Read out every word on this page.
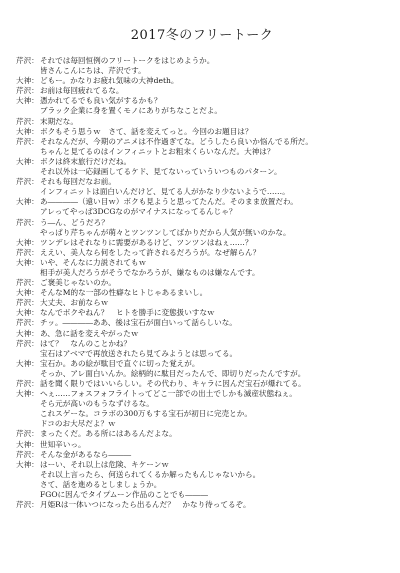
2017冬のフリートーク
芹沢： それでは毎回恒例のフリートークをはじめようか。
皆さんこんにちは、芹沢です。
大神： どもー。かなりお疲れ気味の大神deth。
芹沢： お前は毎回疲れてるな。
大神： 憑かれてるでも良い気がするかも？
ブラック企業に身を置くモノにありがちなことだよ。
芹沢： 末期だな。
大神： ボクもそう思うｗ　さて、話を変えてっと。今回のお題目は？
芹沢： それなんだが、今期のアニメは不作過ぎてな。どうしたら良いか悩んでる所だ。
ちゃんと見てるのはインフィニットとお粗末くらいなんだ。大神は？
大神： ボクは終末旅行だけだね。
それ以外は一応録画してるケド、見てないっていういつものパターン。
芹沢： それも毎回だなお前。
インフィニットは面白いんだけど、見てる人がかなり少ないようで……。
大神： あ――――（遠い目ｗ）ボクも見ようと思ってたんだ。そのまま放置だわ。
アレってやっぱ3DCGなのがマイナスになってるんじゃ？
芹沢： う―ん、どうだろ？
やっぱり芹ちゃんが萌々とツンツンしてばかりだから人気が無いのかな。
大神： ツンデレはそれなりに需要があるけど、ツンツンはねぇ……？
芹沢： ええい、美人なら何をしたって許されるだろうが。なぜ解らん？
大神： いや、そんなに力説されてもｗ
相手が美人だろうがそうでなかろうが、嫌なものは嫌なんです。
芹沢： ご褒美じゃないのか。
大神： そんなM的な一部の性癖なヒトじゃあるまいし。
芹沢： 大丈夫、お前ならｗ
大神： なんでボクやねん？　ヒトを勝手に変態扱いすなｗ
芹沢： チッ。――――ああ、後は宝石が面白いって話らしいな。
大神： あ、急に話を変えやがったｗ
芹沢： はて？　なんのことかね？
宝石はアベマで再放送されたら見てみようとは思ってる。
大神： 宝石か。あの絵が駄目で直ぐに切った覚えが。
そっか、アレ面白いんか。絵柄的に駄目だったんで、即切りだったんですが。
芹沢： 話を聞く限りではいいらしい。その代わり、キャラに因んだ宝石が爆れてる。
大神： へぇ……フォスフォフライトってどこ一部での出土でしかも滅産状態ねぇ。
そら元が高いのもうなずけるな。
これスゲーな。コラボの300万もする宝石が初日に完売とか。
ドコのお大尽だよ？ｗ
芹沢： まったくだ。ある所にはあるんだよな。
大神： 世知辛いっ。
芹沢： そんな金があるなら―――
大神： はーい、それ以上は危険、キケーンｗ
それ以上言ったら、何送られてくるか解ったもんじゃないから。
さて、話を進めるとしましょうか。
FGOに因んでタイプムーン作品のことでも―――
芹沢： 月姫Rは一体いつになったら出るんだ？　かなり待ってるぞ。
